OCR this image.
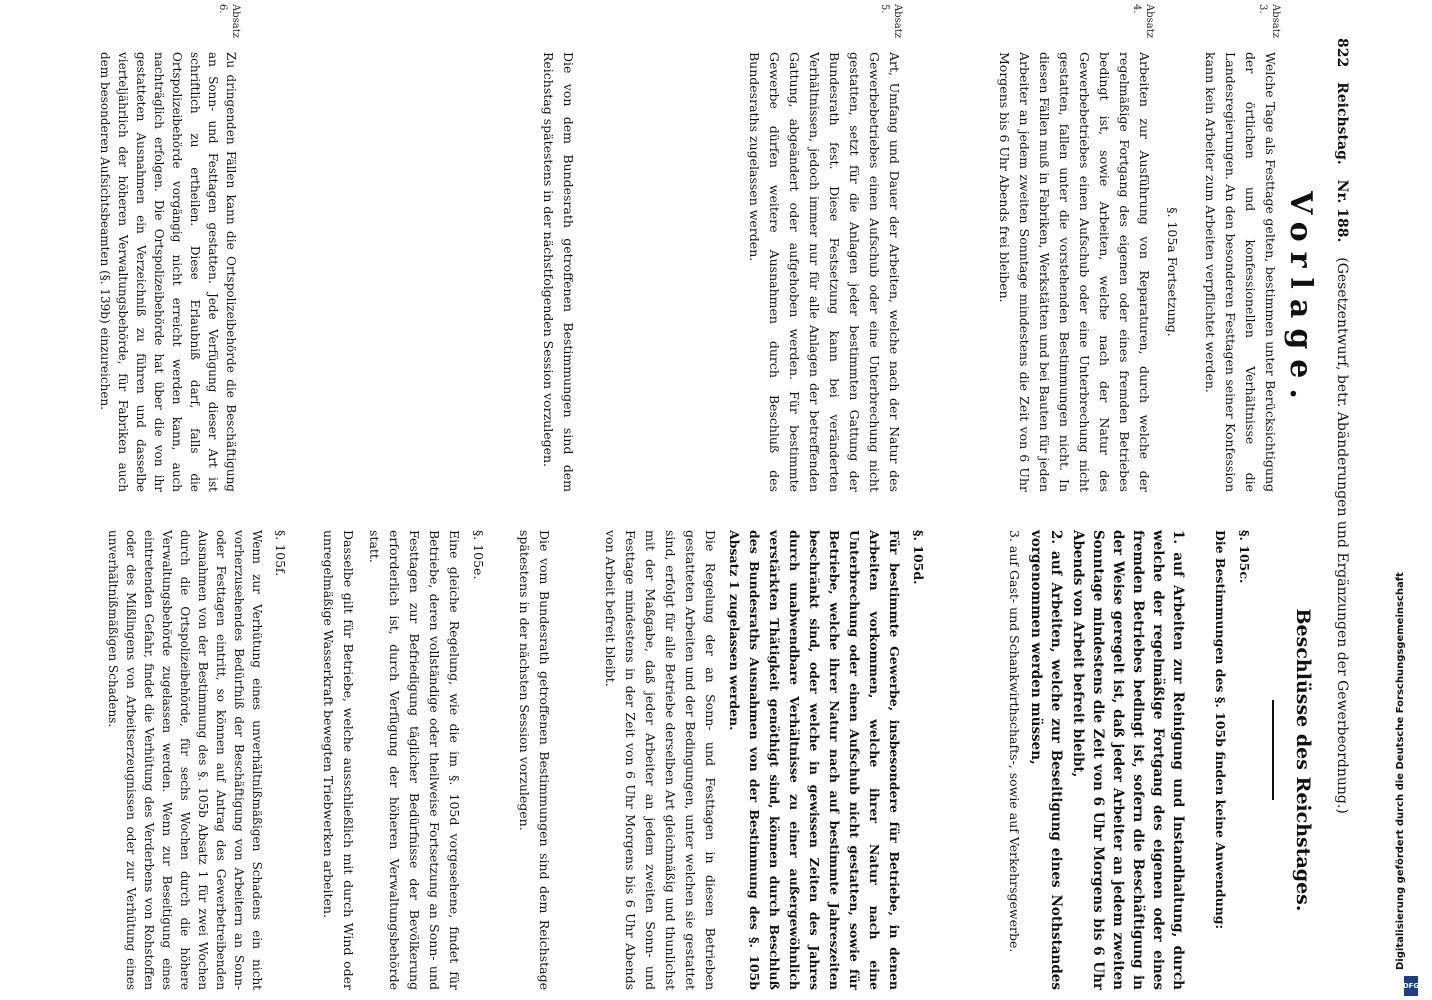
822 Reichstag. Nr. 188. (Gesetzentwurf, betr. Abänderungen und Ergänzungen der Gewerbeordnung.)
Vorlage.

Absatz 3.

Welche Tage als Festtage gelten, bestimmen unter Berücksichtigung der örtlichen und konfessionellen Verhältnisse die Landesregierungen. An den besonderen Festtagen seiner Konfession kann kein Arbeiter zum Arbeiten verpflichtet werden.

§. 105a Fortsetzung.

Absatz 4.

Arbeiten zur Ausführung von Reparaturen, durch welche der regelmäßige Fortgang des eigenen oder eines fremden Betriebes bedingt ist, sowie Arbeiten, welche nach der Natur des Gewerbebetriebes einen Aufschub oder eine Unterbrechung nicht gestatten, fallen unter die vorstehenden Bestimmungen nicht. In diesen Fällen muß in Fabriken, Werkstätten und bei Bauten für jeden Arbeiter an jedem zweiten Sonntage mindestens die Zeit von 6 Uhr Morgens bis 6 Uhr Abends frei bleiben.

Absatz 5.

Art, Umfang und Dauer der Arbeiten, welche nach der Natur des Gewerbebetriebes einen Aufschub oder eine Unterbrechung nicht gestatten, setzt für die Anlagen jeder bestimmten Gattung der Bundesrath fest. Diese Festsetzung kann bei veränderten Verhältnissen, jedoch immer nur für alle Anlagen der betreffenden Gattung, abgeändert oder aufgehoben werden. Für bestimmte Gewerbe dürfen weitere Ausnahmen durch Beschluß des Bundesraths zugelassen werden.

Die von dem Bundesrath getroffenen Bestimmungen sind dem Reichstag spätestens in der nächstfolgenden Session vorzulegen.

Absatz 6.

Zu dringenden Fällen kann die Ortspolizeibehörde die Beschäftigung an Sonn- und Festtagen gestatten. Jede Verfügung dieser Art ist schriftlich zu ertheilen. Diese Erlaubniß darf, falls die Ortspolizeibehörde vorgängig nicht erreicht werden kann, auch nachträglich erfolgen. Die Ortspolizeibehörde hat über die von ihr gestatteten Ausnahmen ein Verzeichniß zu führen und dasselbe vierteljährlich der höheren Verwaltungsbehörde, für Fabriken auch dem besonderen Aufsichtsbeamten (§. 139b) einzureichen.

Beschlüsse des Reichstages.

§. 105c.

Die Bestimmungen des §. 105b finden keine Anwendung:

1. auf Arbeiten zur Reinigung und Instandhaltung, durch welche der regelmäßige Fortgang des eigenen oder eines fremden Betriebes bedingt ist, sofern die Beschäftigung in der Weise geregelt ist, daß jeder Arbeiter an jedem zweiten Sonntage mindestens die Zeit von 6 Uhr Morgens bis 6 Uhr Abends von Arbeit befreit bleibt,

2. auf Arbeiten, welche zur Beseitigung eines Nothstandes vorgenommen werden müssen,

3. auf Gast- und Schankwirthschafts-, sowie auf Verkehrsgewerbe.

§. 105d.

Für bestimmte Gewerbe, insbesondere für Betriebe, in denen Arbeiten vorkommen, welche ihrer Natur nach eine Unterbrechung oder einen Aufschub nicht gestatten, sowie für Betriebe, welche ihrer Natur nach auf bestimmte Jahreszeiten beschränkt sind, oder welche in gewissen Zeiten des Jahres durch unabwendbare Verhältnisse zu einer außergewöhnlich verstärkten Thätigkeit genöthigt sind, können durch Beschluß des Bundesraths Ausnahmen von der Bestimmung des §. 105b Absatz 1 zugelassen werden.

Die Regelung der an Sonn- und Festtagen in diesen Betrieben gestatteten Arbeiten und der Bedingungen, unter welchen sie gestattet sind, erfolgt für alle Betriebe derselben Art gleichmäßig und thunlichst mit der Maßgabe, daß jeder Arbeiter an jedem zweiten Sonn- und Festtage mindestens in der Zeit von 6 Uhr Morgens bis 6 Uhr Abends von Arbeit befreit bleibt.

Die vom Bundesrath getroffenen Bestimmungen sind dem Reichstage spätestens in der nächsten Session vorzulegen.

§. 105e.

Eine gleiche Regelung, wie die im §. 105d vorgesehene, findet für Betriebe, deren vollständige oder theilweise Fortsetzung an Sonn- und Festtagen zur Befriedigung täglicher Bedürfnisse der Bevölkerung erforderlich ist, durch Verfügung der höheren Verwaltungsbehörde statt.

Dasselbe gilt für Betriebe, welche ausschließlich mit durch Wind oder unregelmäßige Wasserkraft bewegten Triebwerken arbeiten.

§. 105f.

Wenn zur Verhütung eines unverhältnißmäßigen Schadens ein nicht vorherzusehendes Bedürfniß der Beschäftigung von Arbeitern an Sonn- oder Festtagen eintritt, so können auf Antrag des Gewerbetreibenden Ausnahmen von der Bestimmung des §. 105b Absatz 1 für zwei Wochen durch die Ortspolizeibehörde, für sechs Wochen durch die höhere Verwaltungsbehörde zugelassen werden. Wenn zur Beseitigung eines eintretenden Gefahr, findet die Verhütung des Verderbens von Rohstoffen oder des Mißlingens von Arbeitserzeugnissen oder zur Verhütung eines unverhältnißmäßigen Schadens.	Digitalisierung gefördert durch die Deutsche Forschungsgemeinschaft
DFG
